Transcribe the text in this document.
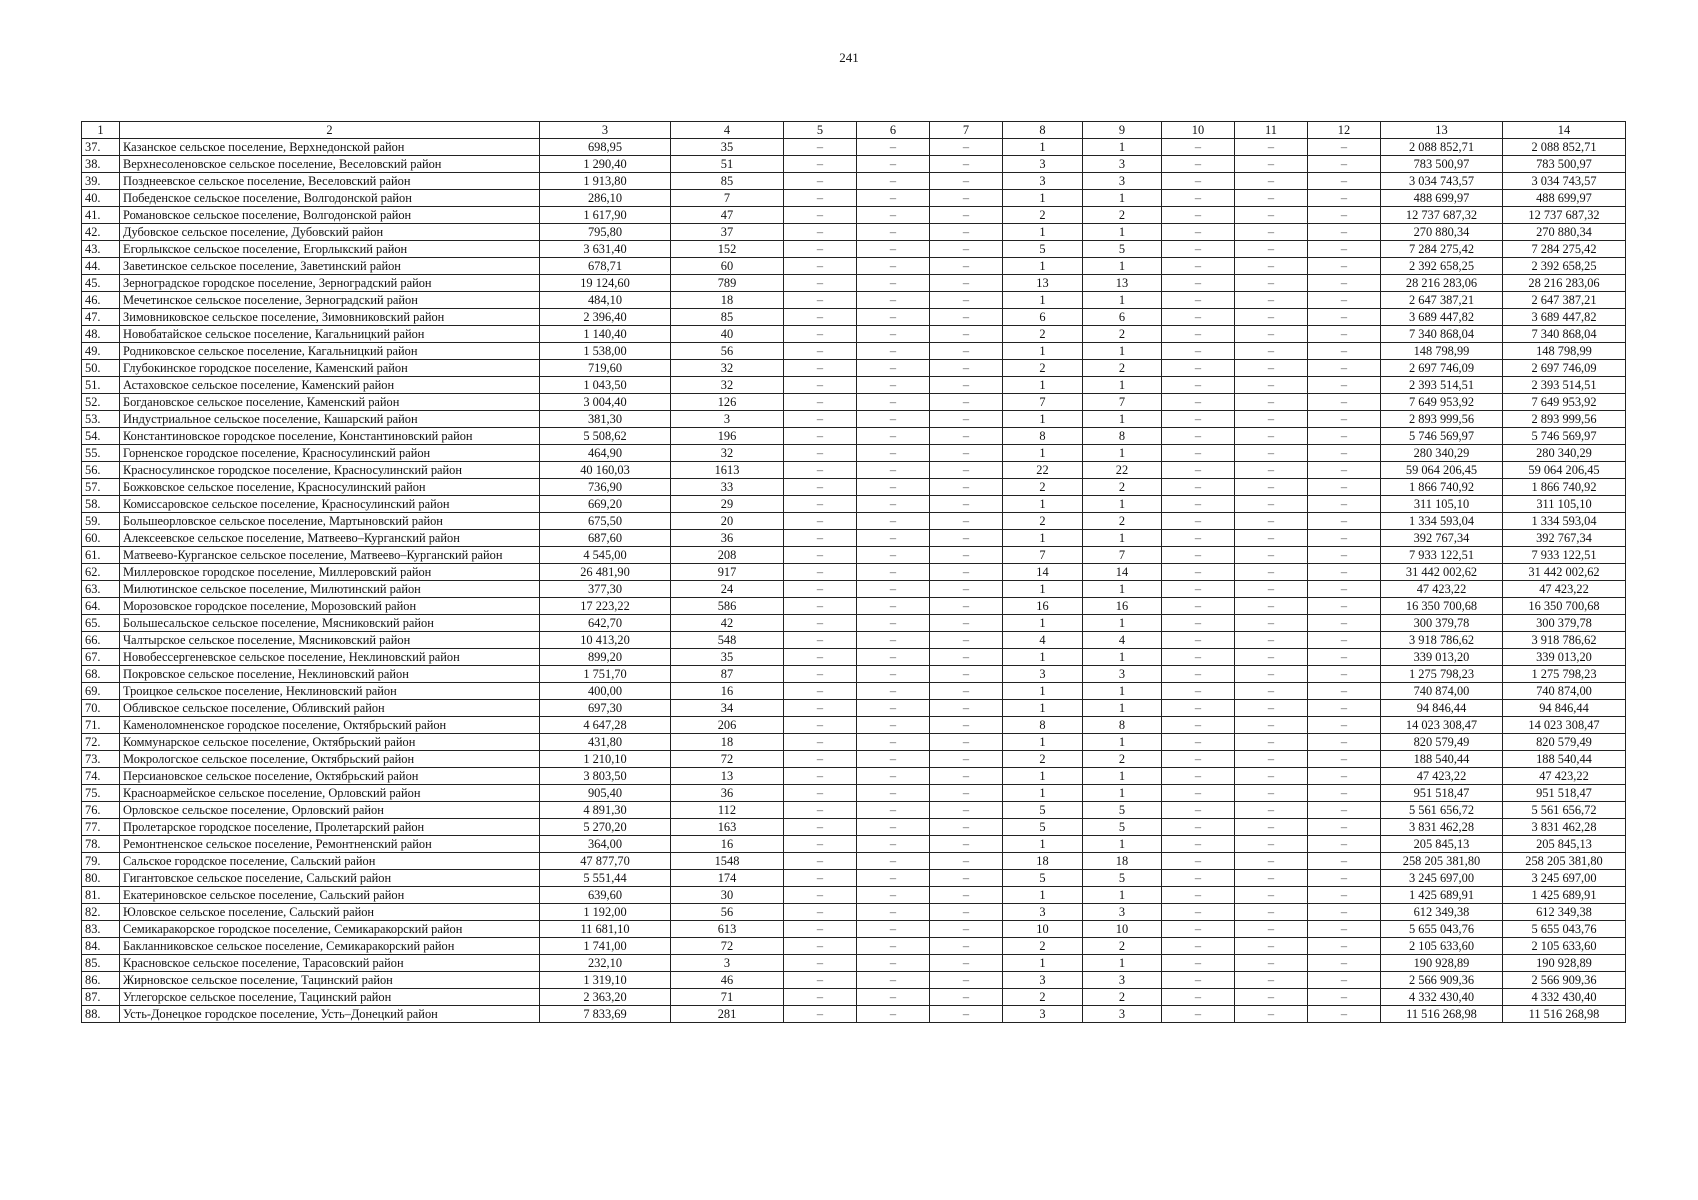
241
1	2	3	4	5	6	7	8	9	10	11	12	13	14
37.	Казанское сельское поселение, Верхнедонской район	698,95	35	–	–	–	1	1	–	–	–	2 088 852,71	2 088 852,71
38.	Верхнесоленовское сельское поселение, Веселовский район	1 290,40	51	–	–	–	3	3	–	–	–	783 500,97	783 500,97
39.	Позднеевское сельское поселение, Веселовский район	1 913,80	85	–	–	–	3	3	–	–	–	3 034 743,57	3 034 743,57
40.	Победенское сельское поселение, Волгодонской район	286,10	7	–	–	–	1	1	–	–	–	488 699,97	488 699,97
41.	Романовское сельское поселение, Волгодонской район	1 617,90	47	–	–	–	2	2	–	–	–	12 737 687,32	12 737 687,32
42.	Дубовское сельское поселение, Дубовский район	795,80	37	–	–	–	1	1	–	–	–	270 880,34	270 880,34
43.	Егорлыкское сельское поселение, Егорлыкский район	3 631,40	152	–	–	–	5	5	–	–	–	7 284 275,42	7 284 275,42
44.	Заветинское сельское поселение, Заветинский район	678,71	60	–	–	–	1	1	–	–	–	2 392 658,25	2 392 658,25
45.	Зерноградское городское поселение, Зерноградский район	19 124,60	789	–	–	–	13	13	–	–	–	28 216 283,06	28 216 283,06
46.	Мечетинское сельское поселение, Зерноградский район	484,10	18	–	–	–	1	1	–	–	–	2 647 387,21	2 647 387,21
47.	Зимовниковское сельское поселение, Зимовниковский район	2 396,40	85	–	–	–	6	6	–	–	–	3 689 447,82	3 689 447,82
48.	Новобатайское сельское поселение, Кагальницкий район	1 140,40	40	–	–	–	2	2	–	–	–	7 340 868,04	7 340 868,04
49.	Родниковское сельское поселение, Кагальницкий район	1 538,00	56	–	–	–	1	1	–	–	–	148 798,99	148 798,99
50.	Глубокинское городское поселение, Каменский район	719,60	32	–	–	–	2	2	–	–	–	2 697 746,09	2 697 746,09
51.	Астаховское сельское поселение, Каменский район	1 043,50	32	–	–	–	1	1	–	–	–	2 393 514,51	2 393 514,51
52.	Богдановское сельское поселение, Каменский район	3 004,40	126	–	–	–	7	7	–	–	–	7 649 953,92	7 649 953,92
53.	Индустриальное сельское поселение, Кашарский район	381,30	3	–	–	–	1	1	–	–	–	2 893 999,56	2 893 999,56
54.	Константиновское городское поселение, Константиновский район	5 508,62	196	–	–	–	8	8	–	–	–	5 746 569,97	5 746 569,97
55.	Горненское городское поселение, Красносулинский район	464,90	32	–	–	–	1	1	–	–	–	280 340,29	280 340,29
56.	Красносулинское городское поселение, Красносулинский район	40 160,03	1613	–	–	–	22	22	–	–	–	59 064 206,45	59 064 206,45
57.	Божковское сельское поселение, Красносулинский район	736,90	33	–	–	–	2	2	–	–	–	1 866 740,92	1 866 740,92
58.	Комиссаровское сельское поселение, Красносулинский район	669,20	29	–	–	–	1	1	–	–	–	311 105,10	311 105,10
59.	Большеорловское сельское поселение, Мартыновский район	675,50	20	–	–	–	2	2	–	–	–	1 334 593,04	1 334 593,04
60.	Алексеевское сельское поселение, Матвеево–Курганский район	687,60	36	–	–	–	1	1	–	–	–	392 767,34	392 767,34
61.	Матвеево-Курганское сельское поселение, Матвеево–Курганский район	4 545,00	208	–	–	–	7	7	–	–	–	7 933 122,51	7 933 122,51
62.	Миллеровское городское поселение, Миллеровский район	26 481,90	917	–	–	–	14	14	–	–	–	31 442 002,62	31 442 002,62
63.	Милютинское сельское поселение, Милютинский район	377,30	24	–	–	–	1	1	–	–	–	47 423,22	47 423,22
64.	Морозовское городское поселение, Морозовский район	17 223,22	586	–	–	–	16	16	–	–	–	16 350 700,68	16 350 700,68
65.	Большесальское сельское поселение, Мясниковский район	642,70	42	–	–	–	1	1	–	–	–	300 379,78	300 379,78
66.	Чалтырское сельское поселение, Мясниковский район	10 413,20	548	–	–	–	4	4	–	–	–	3 918 786,62	3 918 786,62
67.	Новобессергеневское сельское поселение, Неклиновский район	899,20	35	–	–	–	1	1	–	–	–	339 013,20	339 013,20
68.	Покровское сельское поселение, Неклиновский район	1 751,70	87	–	–	–	3	3	–	–	–	1 275 798,23	1 275 798,23
69.	Троицкое сельское поселение, Неклиновский район	400,00	16	–	–	–	1	1	–	–	–	740 874,00	740 874,00
70.	Обливское сельское поселение, Обливский район	697,30	34	–	–	–	1	1	–	–	–	94 846,44	94 846,44
71.	Каменоломненское городское поселение, Октябрьский район	4 647,28	206	–	–	–	8	8	–	–	–	14 023 308,47	14 023 308,47
72.	Коммунарское сельское поселение, Октябрьский район	431,80	18	–	–	–	1	1	–	–	–	820 579,49	820 579,49
73.	Мокрологское сельское поселение, Октябрьский район	1 210,10	72	–	–	–	2	2	–	–	–	188 540,44	188 540,44
74.	Персиановское сельское поселение, Октябрьский район	3 803,50	13	–	–	–	1	1	–	–	–	47 423,22	47 423,22
75.	Красноармейское сельское поселение, Орловский район	905,40	36	–	–	–	1	1	–	–	–	951 518,47	951 518,47
76.	Орловское сельское поселение, Орловский район	4 891,30	112	–	–	–	5	5	–	–	–	5 561 656,72	5 561 656,72
77.	Пролетарское городское поселение, Пролетарский район	5 270,20	163	–	–	–	5	5	–	–	–	3 831 462,28	3 831 462,28
78.	Ремонтненское сельское поселение, Ремонтненский район	364,00	16	–	–	–	1	1	–	–	–	205 845,13	205 845,13
79.	Сальское городское поселение, Сальский район	47 877,70	1548	–	–	–	18	18	–	–	–	258 205 381,80	258 205 381,80
80.	Гигантовское сельское поселение, Сальский район	5 551,44	174	–	–	–	5	5	–	–	–	3 245 697,00	3 245 697,00
81.	Екатериновское сельское поселение, Сальский район	639,60	30	–	–	–	1	1	–	–	–	1 425 689,91	1 425 689,91
82.	Юловское сельское поселение, Сальский район	1 192,00	56	–	–	–	3	3	–	–	–	612 349,38	612 349,38
83.	Семикаракорское городское поселение, Семикаракорский район	11 681,10	613	–	–	–	10	10	–	–	–	5 655 043,76	5 655 043,76
84.	Бакланниковское сельское поселение, Семикаракорский район	1 741,00	72	–	–	–	2	2	–	–	–	2 105 633,60	2 105 633,60
85.	Красновское сельское поселение, Тарасовский район	232,10	3	–	–	–	1	1	–	–	–	190 928,89	190 928,89
86.	Жирновское сельское поселение, Тацинский район	1 319,10	46	–	–	–	3	3	–	–	–	2 566 909,36	2 566 909,36
87.	Углегорское сельское поселение, Тацинский район	2 363,20	71	–	–	–	2	2	–	–	–	4 332 430,40	4 332 430,40
88.	Усть-Донецкое городское поселение, Усть–Донецкий район	7 833,69	281	–	–	–	3	3	–	–	–	11 516 268,98	11 516 268,98
